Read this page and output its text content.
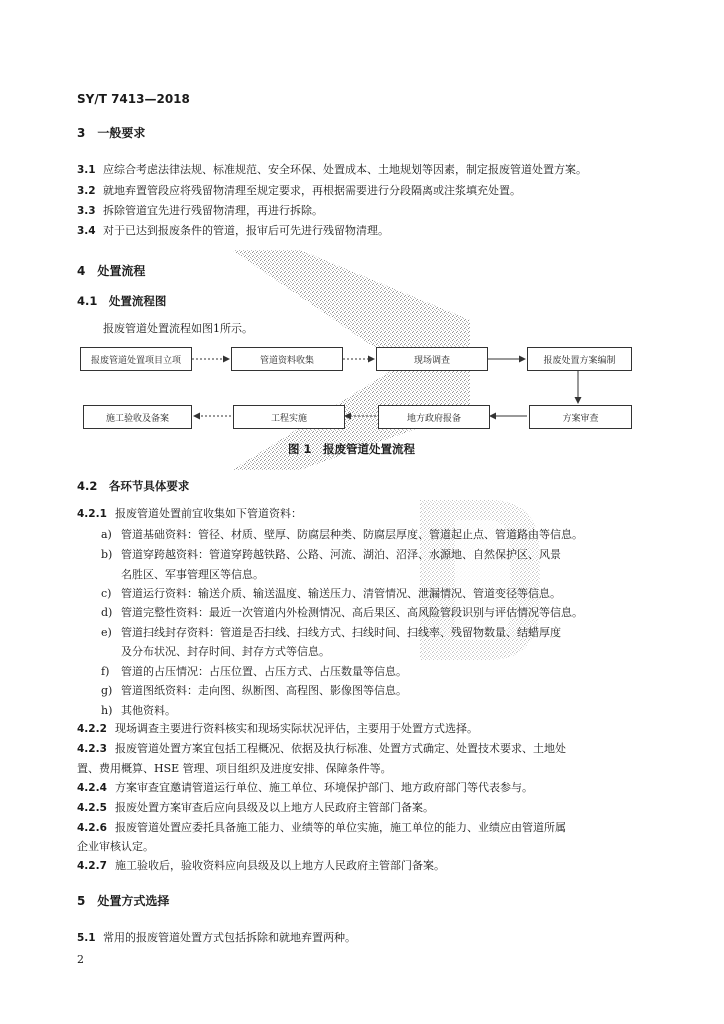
SY/T 7413—2018
3　一般要求
3.1 应综合考虑法律法规、标准规范、安全环保、处置成本、土地规划等因素，制定报废管道处置方案。
3.2 就地弃置管段应将残留物清理至规定要求，再根据需要进行分段隔离或注浆填充处置。
3.3 拆除管道宜先进行残留物清理，再进行拆除。
3.4 对于已达到报废条件的管道，报审后可先进行残留物清理。
4　处置流程
4.1　处置流程图
报废管道处置流程如图1所示。
报废管道处置项目立项	管道资料收集	现场调查	报废处置方案编制
施工验收及备案	工程实施	地方政府报备	方案审查
图 1　报废管道处置流程
4.2　各环节具体要求
4.2.1 报废管道处置前宜收集如下管道资料：
a) 管道基础资料：管径、材质、壁厚、防腐层种类、防腐层厚度、管道起止点、管道路由等信息。
b) 管道穿跨越资料：管道穿跨越铁路、公路、河流、湖泊、沼泽、水源地、自然保护区、风景
名胜区、军事管理区等信息。
c) 管道运行资料：输送介质、输送温度、输送压力、清管情况、泄漏情况、管道变径等信息。
d) 管道完整性资料：最近一次管道内外检测情况、高后果区、高风险管段识别与评估情况等信息。
e) 管道扫线封存资料：管道是否扫线、扫线方式、扫线时间、扫线率、残留物数量、结蜡厚度
及分布状况、封存时间、封存方式等信息。
f) 管道的占压情况：占压位置、占压方式、占压数量等信息。
g) 管道图纸资料：走向图、纵断图、高程图、影像图等信息。
h) 其他资料。
4.2.2 现场调查主要进行资料核实和现场实际状况评估，主要用于处置方式选择。
4.2.3 报废管道处置方案宜包括工程概况、依据及执行标准、处置方式确定、处置技术要求、土地处
置、费用概算、HSE 管理、项目组织及进度安排、保障条件等。
4.2.4 方案审查宜邀请管道运行单位、施工单位、环境保护部门、地方政府部门等代表参与。
4.2.5 报废处置方案审查后应向县级及以上地方人民政府主管部门备案。
4.2.6 报废管道处置应委托具备施工能力、业绩等的单位实施，施工单位的能力、业绩应由管道所属
企业审核认定。
4.2.7 施工验收后，验收资料应向县级及以上地方人民政府主管部门备案。
5　处置方式选择
5.1 常用的报废管道处置方式包括拆除和就地弃置两种。
2
